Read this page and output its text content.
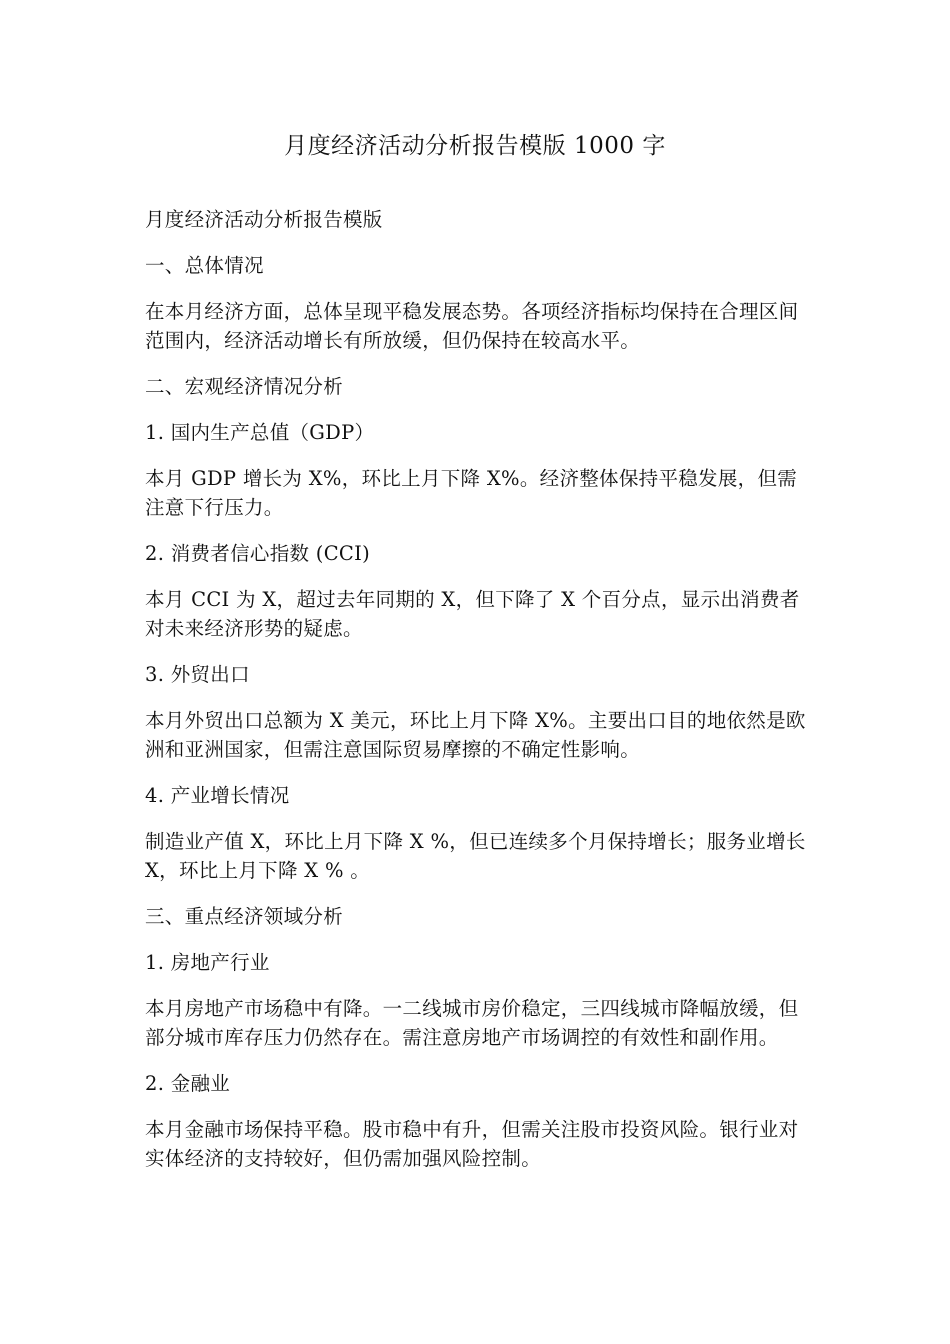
月度经济活动分析报告模版 1000 字

月度经济活动分析报告模版

一、总体情况

在本月经济方面，总体呈现平稳发展态势。各项经济指标均保持在合理区间范围内，经济活动增长有所放缓，但仍保持在较高水平。

二、宏观经济情况分析

1. 国内生产总值（GDP）

本月 GDP 增长为 X%，环比上月下降 X%。经济整体保持平稳发展，但需注意下行压力。

2. 消费者信心指数 (CCI)

本月 CCI 为 X，超过去年同期的 X，但下降了 X 个百分点，显示出消费者对未来经济形势的疑虑。

3. 外贸出口

本月外贸出口总额为 X 美元，环比上月下降 X%。主要出口目的地依然是欧洲和亚洲国家，但需注意国际贸易摩擦的不确定性影响。

4. 产业增长情况

制造业产值 X，环比上月下降 X %，但已连续多个月保持增长；服务业增长 X，环比上月下降 X % 。

三、重点经济领域分析

1. 房地产行业

本月房地产市场稳中有降。一二线城市房价稳定，三四线城市降幅放缓，但部分城市库存压力仍然存在。需注意房地产市场调控的有效性和副作用。

2. 金融业

本月金融市场保持平稳。股市稳中有升，但需关注股市投资风险。银行业对实体经济的支持较好，但仍需加强风险控制。
